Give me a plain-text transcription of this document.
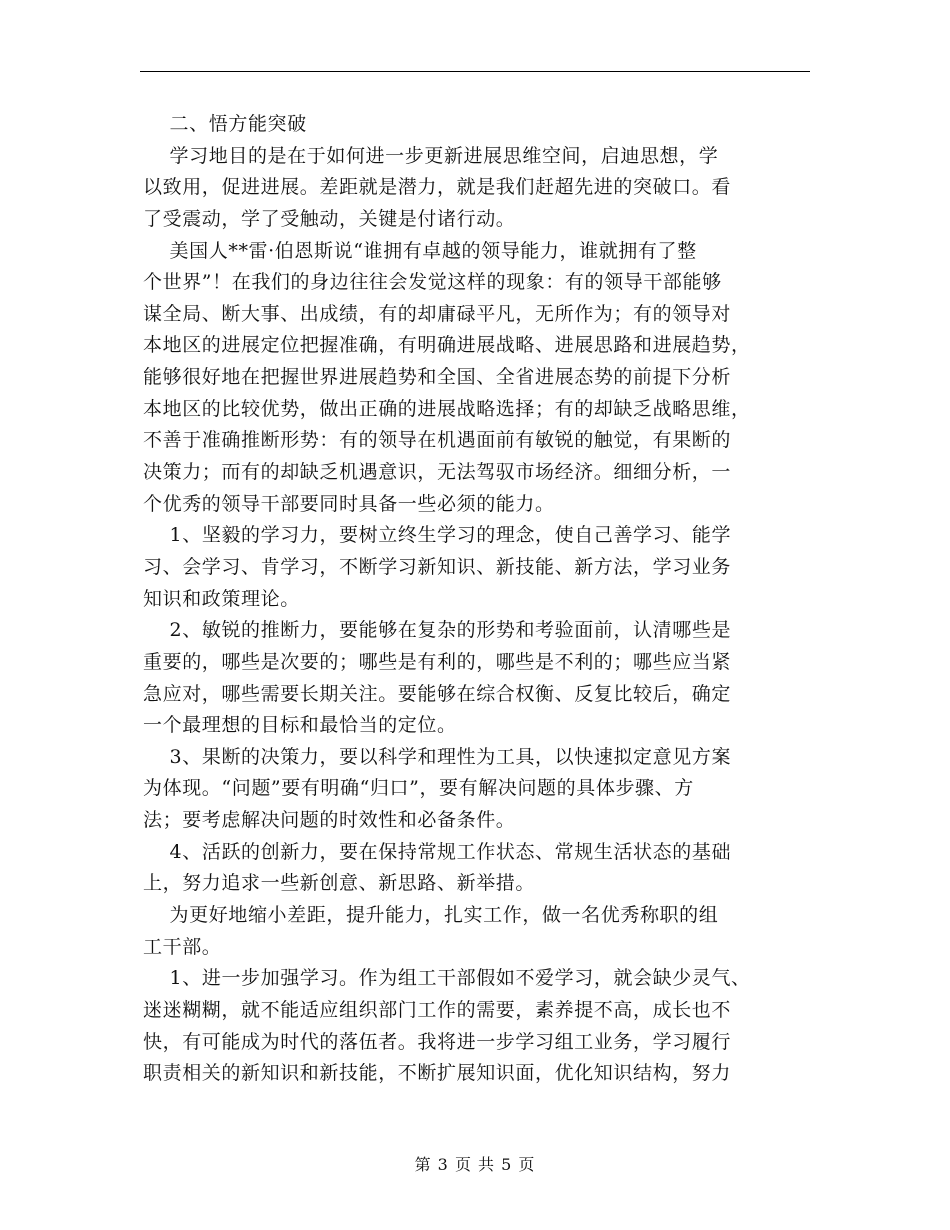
二、悟方能突破
学习地目的是在于如何进一步更新进展思维空间，启迪思想，学
以致用，促进进展。差距就是潜力，就是我们赶超先进的突破口。看
了受震动，学了受触动，关键是付诸行动。
美国人**雷·伯恩斯说“谁拥有卓越的领导能力，谁就拥有了整
个世界”！在我们的身边往往会发觉这样的现象：有的领导干部能够
谋全局、断大事、出成绩，有的却庸碌平凡，无所作为；有的领导对
本地区的进展定位把握准确，有明确进展战略、进展思路和进展趋势，
能够很好地在把握世界进展趋势和全国、全省进展态势的前提下分析
本地区的比较优势，做出正确的进展战略选择；有的却缺乏战略思维，
不善于准确推断形势：有的领导在机遇面前有敏锐的触觉，有果断的
决策力；而有的却缺乏机遇意识，无法驾驭市场经济。细细分析，一
个优秀的领导干部要同时具备一些必须的能力。
1、坚毅的学习力，要树立终生学习的理念，使自己善学习、能学
习、会学习、肯学习，不断学习新知识、新技能、新方法，学习业务
知识和政策理论。
2、敏锐的推断力，要能够在复杂的形势和考验面前，认清哪些是
重要的，哪些是次要的；哪些是有利的，哪些是不利的；哪些应当紧
急应对，哪些需要长期关注。要能够在综合权衡、反复比较后，确定
一个最理想的目标和最恰当的定位。
3、果断的决策力，要以科学和理性为工具，以快速拟定意见方案
为体现。“问题”要有明确“归口”，要有解决问题的具体步骤、方
法；要考虑解决问题的时效性和必备条件。
4、活跃的创新力，要在保持常规工作状态、常规生活状态的基础
上，努力追求一些新创意、新思路、新举措。
为更好地缩小差距，提升能力，扎实工作，做一名优秀称职的组
工干部。
1、进一步加强学习。作为组工干部假如不爱学习，就会缺少灵气、
迷迷糊糊，就不能适应组织部门工作的需要，素养提不高，成长也不
快，有可能成为时代的落伍者。我将进一步学习组工业务，学习履行
职责相关的新知识和新技能，不断扩展知识面，优化知识结构，努力
第 3 页 共 5 页
